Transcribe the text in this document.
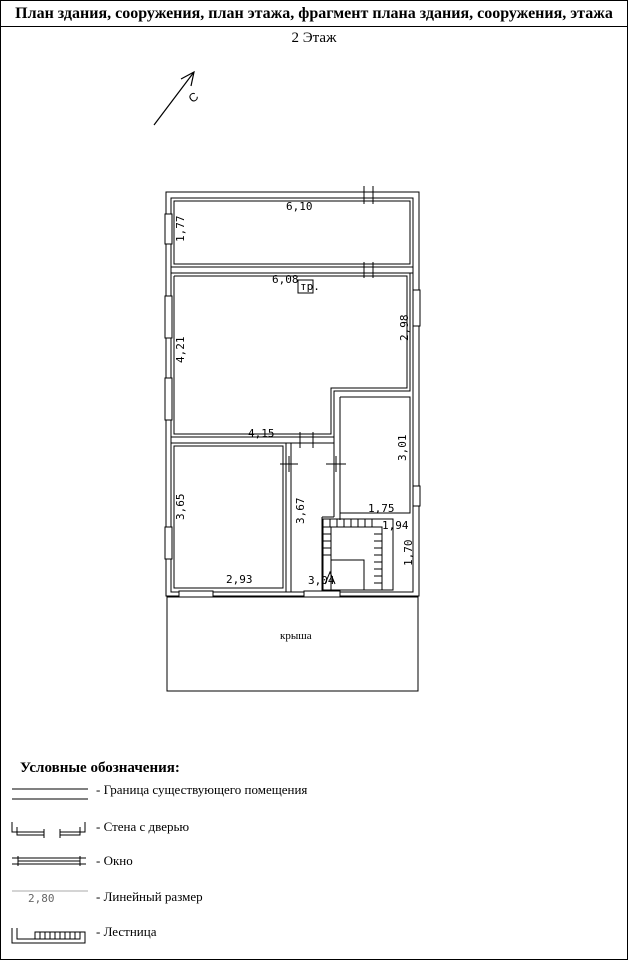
План здания, сооружения, план этажа, фрагмент плана здания, сооружения, этажа
2 Этаж
С
тр.
6,10
1,77
6,08
4,21
2,98
3,01
1,75
3,65
2,93
4,15
3,67
1,94
1,70
3,04
крыша
2,80
Условные обозначения:
- Граница существующего помещения
- Стена с дверью
- Окно
- Линейный размер
- Лестница
